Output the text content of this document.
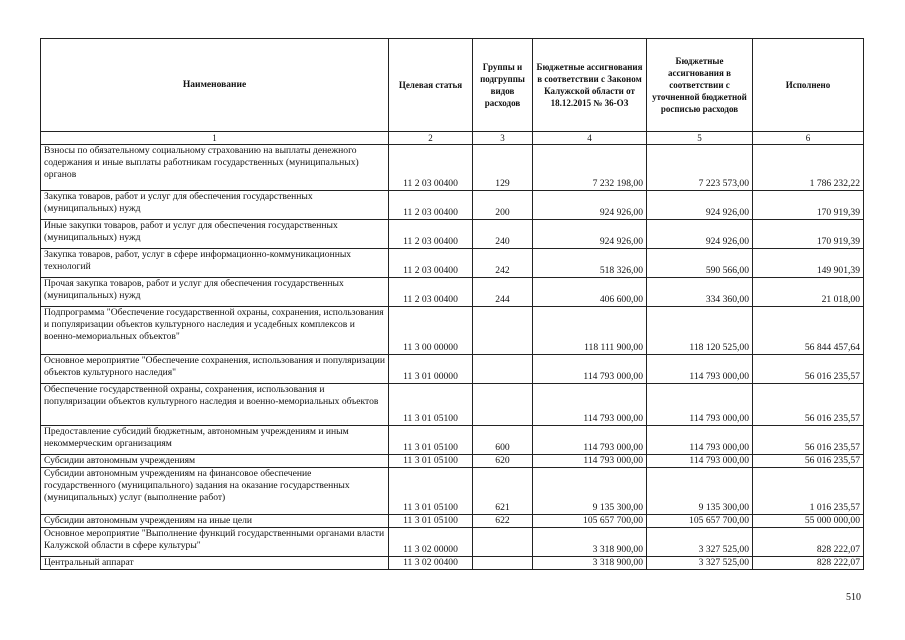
Наименование	Целевая статья	Группы и подгруппы видов расходов	Бюджетные ассигнования в соответствии с Законом Калужской области от 18.12.2015 № 36-ОЗ	Бюджетные ассигнования в соответствии с уточненной бюджетной росписью расходов	Исполнено
1	2	3	4	5	6
Взносы по обязательному социальному страхованию на выплаты денежного содержания и иные выплаты работникам государственных (муниципальных) органов	11 2 03 00400	129	7 232 198,00	7 223 573,00	1 786 232,22
Закупка товаров, работ и услуг для обеспечения государственных (муниципальных) нужд	11 2 03 00400	200	924 926,00	924 926,00	170 919,39
Иные закупки товаров, работ и услуг для обеспечения государственных (муниципальных) нужд	11 2 03 00400	240	924 926,00	924 926,00	170 919,39
Закупка товаров, работ, услуг в сфере информационно-коммуникационных технологий	11 2 03 00400	242	518 326,00	590 566,00	149 901,39
Прочая закупка товаров, работ и услуг для обеспечения государственных (муниципальных) нужд	11 2 03 00400	244	406 600,00	334 360,00	21 018,00
Подпрограмма "Обеспечение государственной охраны, сохранения, использования и популяризации объектов культурного наследия и усадебных комплексов и военно-мемориальных объектов"	11 3 00 00000		118 111 900,00	118 120 525,00	56 844 457,64
Основное мероприятие "Обеспечение сохранения, использования и популяризации объектов культурного наследия"	11 3 01 00000		114 793 000,00	114 793 000,00	56 016 235,57
Обеспечение государственной охраны, сохранения, использования и популяризации объектов культурного наследия и военно-мемориальных объектов	11 3 01 05100		114 793 000,00	114 793 000,00	56 016 235,57
Предоставление субсидий бюджетным, автономным учреждениям и иным некоммерческим организациям	11 3 01 05100	600	114 793 000,00	114 793 000,00	56 016 235,57
Субсидии автономным учреждениям	11 3 01 05100	620	114 793 000,00	114 793 000,00	56 016 235,57
Субсидии автономным учреждениям на финансовое обеспечение государственного (муниципального) задания на оказание государственных (муниципальных) услуг (выполнение работ)	11 3 01 05100	621	9 135 300,00	9 135 300,00	1 016 235,57
Субсидии автономным учреждениям на иные цели	11 3 01 05100	622	105 657 700,00	105 657 700,00	55 000 000,00
Основное мероприятие "Выполнение функций государственными органами власти Калужской области в сфере культуры"	11 3 02 00000		3 318 900,00	3 327 525,00	828 222,07
Центральный аппарат	11 3 02 00400		3 318 900,00	3 327 525,00	828 222,07
510
